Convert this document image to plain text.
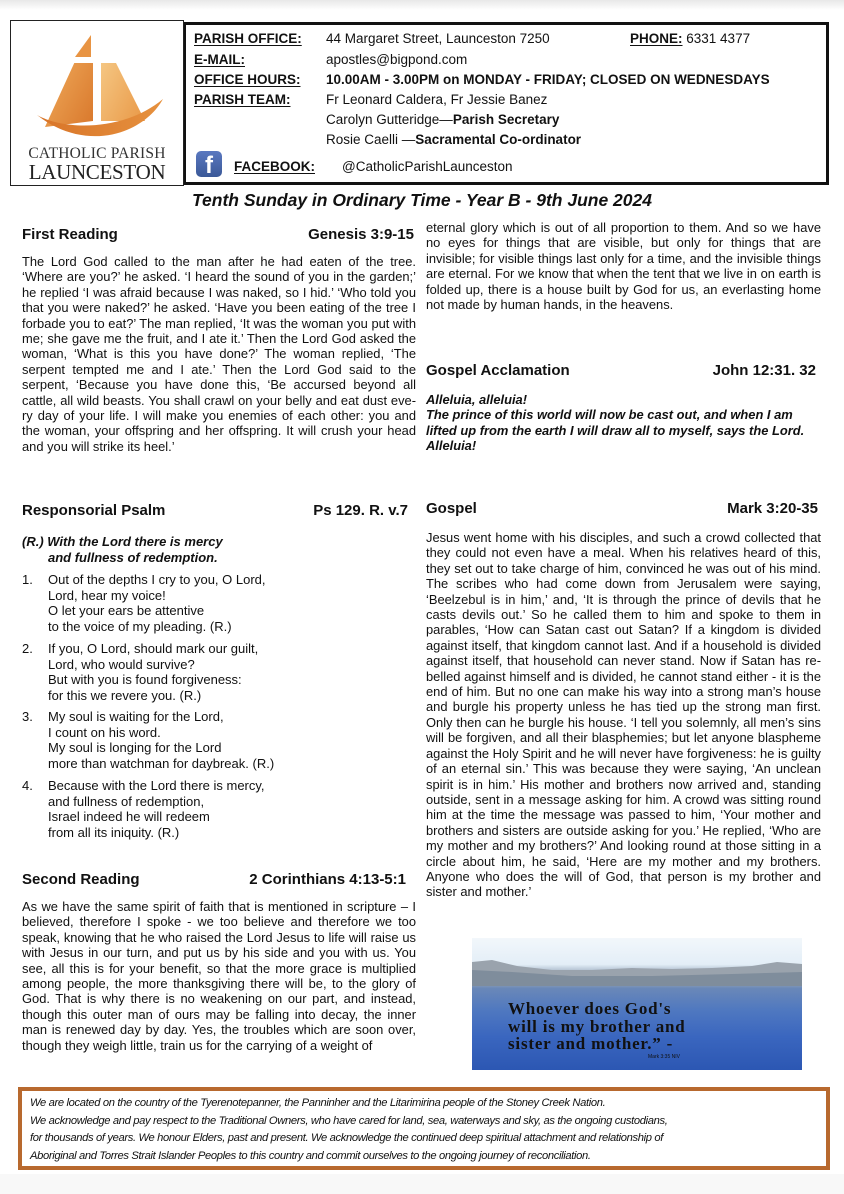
CATHOLIC PARISH
LAUNCESTON
PARISH OFFICE: 44 Margaret Street, Launceston 7250	PHONE: 6331 4377
E-MAIL:	apostles@bigpond.com
OFFICE HOURS: 10.00AM - 3.00PM on MONDAY - FRIDAY; CLOSED ON WEDNESDAYS
PARISH TEAM:	Fr Leonard Caldera, Fr Jessie Banez
Carolyn Gutteridge—Parish Secretary
Rosie Caelli —Sacramental Co-ordinator
f	FACEBOOK: @CatholicParishLaunceston
Tenth Sunday in Ordinary Time - Year B - 9th June 2024
First Reading	Genesis 3:9-15
The Lord God called to the man after he had eaten of the tree. ‘Where are you?’ he asked. ‘I heard the sound of you in the garden;’ he replied ‘I was afraid because I was naked, so I hid.’ ‘Who told you that you were naked?’ he asked. ‘Have you been eating of the tree I forbade you to eat?’ The man replied, ‘It was the woman you put with me; she gave me the fruit, and I ate it.’ Then the Lord God asked the woman, ‘What is this you have done?’ The woman replied, ‘The serpent tempted me and I ate.’ Then the Lord God said to the serpent, ‘Because you have done this, ‘Be accursed beyond all cattle, all wild beasts. You shall crawl on your belly and eat dust every day of your life. I will make you enemies of each other: you and the woman, your offspring and her offspring. It will crush your head and you will strike its heel.’
Responsorial Psalm	Ps 129. R. v.7
(R.) With the Lord there is mercy
and fullness of redemption.
1. Out of the depths I cry to you, O Lord,
Lord, hear my voice!
O let your ears be attentive
to the voice of my pleading. (R.)
2. If you, O Lord, should mark our guilt,
Lord, who would survive?
But with you is found forgiveness:
for this we revere you. (R.)
3. My soul is waiting for the Lord,
I count on his word.
My soul is longing for the Lord
more than watchman for daybreak. (R.)
4. Because with the Lord there is mercy,
and fullness of redemption,
Israel indeed he will redeem
from all its iniquity. (R.)
Second Reading	2 Corinthians 4:13-5:1
As we have the same spirit of faith that is mentioned in scripture – I believed, therefore I spoke - we too believe and therefore we too speak, knowing that he who raised the Lord Jesus to life will raise us with Jesus in our turn, and put us by his side and you with us. You see, all this is for your benefit, so that the more grace is multiplied among people, the more thanksgiving there will be, to the glory of God. That is why there is no weakening on our part, and instead, though this outer man of ours may be falling into decay, the inner man is renewed day by day. Yes, the troubles which are soon over, though they weigh little, train us for the carrying of a weight of
eternal glory which is out of all proportion to them. And so we have no eyes for things that are visible, but only for things that are invisible; for visible things last only for a time, and the invisible things are eternal. For we know that when the tent that we live in on earth is folded up, there is a house built by God for us, an everlasting home not made by human hands, in the heavens.
Gospel Acclamation	John 12:31. 32
Alleluia, alleluia!
The prince of this world will now be cast out, and when I am lifted up from the earth I will draw all to myself, says the Lord.
Alleluia!
Gospel	Mark 3:20-35
Jesus went home with his disciples, and such a crowd collected that they could not even have a meal. When his relatives heard of this, they set out to take charge of him, convinced he was out of his mind. The scribes who had come down from Jerusalem were saying, ‘Beelzebul is in him,’ and, ‘It is through the prince of devils that he casts devils out.’ So he called them to him and spoke to them in parables, ‘How can Satan cast out Satan? If a kingdom is divided against itself, that kingdom cannot last. And if a household is divided against itself, that household can never stand. Now if Satan has rebelled against himself and is divided, he cannot stand either - it is the end of him. But no one can make his way into a strong man’s house and burgle his property unless he has tied up the strong man first. Only then can he burgle his house. ‘I tell you solemnly, all men’s sins will be forgiven, and all their blasphemies; but let anyone blaspheme against the Holy Spirit and he will never have forgiveness: he is guilty of an eternal sin.’ This was because they were saying, ‘An unclean spirit is in him.’ His mother and brothers now arrived and, standing outside, sent in a message asking for him. A crowd was sitting round him at the time the message was passed to him, ‘Your mother and brothers and sisters are outside asking for you.’ He replied, ‘Who are my mother and my brothers?’ And looking round at those sitting in a circle about him, he said, ‘Here are my mother and my brothers. Anyone who does the will of God, that person is my brother and sister and mother.’
Whoever does God's
will is my brother and
sister and mother.” -
Mark 3:35 NIV
We are located on the country of the Tyerenotepanner, the Panninher and the Litarimirina people of the Stoney Creek Nation.
We acknowledge and pay respect to the Traditional Owners, who have cared for land, sea, waterways and sky, as the ongoing custodians,
for thousands of years. We honour Elders, past and present. We acknowledge the continued deep spiritual attachment and relationship of
Aboriginal and Torres Strait Islander Peoples to this country and commit ourselves to the ongoing journey of reconciliation.
